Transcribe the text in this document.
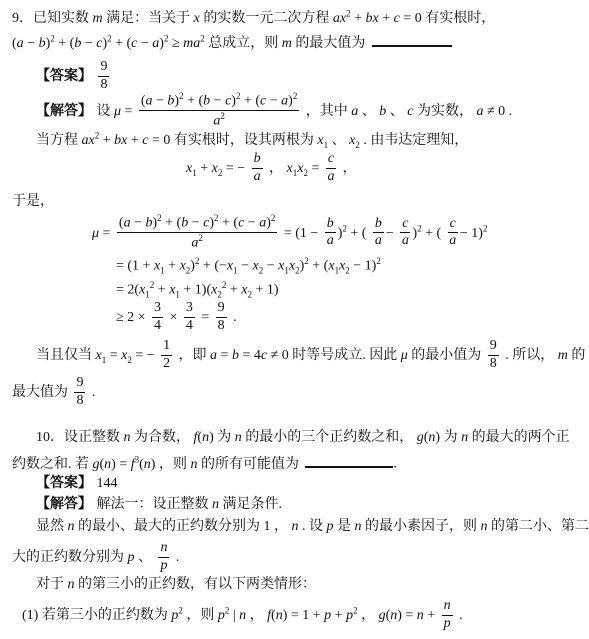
9．已知实数 m 满足：当关于 x 的实数一元二次方程 $ax^2$ + bx + c = 0 有实根时，
$(a - b)^2 + (b - c)^2 + (c - a)^2 \ge ma^2$ 总成立，则 m 的最大值为
【答案】 $\frac{9}{8}$
【解答】 设 $\mu = \frac{(a - b)^2 + (b - c)^2 + (c - a)^2}{a^2}$ ，其中 a 、 b 、 c 为实数， a ≠ 0 .
当方程 $ax^2$ + bx + c = 0 有实根时，设其两根为 $x_1$ 、 $x_2$ . 由韦达定理知，
$x_1 + x_2$ = − $\frac{b}{a}$ ， $x_1x_2 = \frac{c}{a}$ ，
于是，
$\mu = \frac{(a - b)^2 + (b - c)^2 + (c - a)^2}{a^2} = (1 - \frac{b}{a} )^2$ + ( $\frac{b}{a} - \frac{c}{a} )^2$ + ( $\frac{c}{a} - 1)^2$
= $(1 + x_1 + x_2)^2 + (-x_1 - x_2 - x_1x_2)^2 + (x_1x_2 - 1)^2$
= $2(x_1^2 + x_1 + 1)(x_2^2 + x_2 + 1)$
≥ $2 \times \frac{3}{4} \times \frac{3}{4} = \frac{9}{8}$ .
当且仅当 $x_1 = x_2$ = − $\frac{1}{2}$ ，即 a = b = 4c ≠ 0 时等号成立. 因此 μ 的最小值为 $\frac{9}{8}$ . 所以， m 的
最大值为 $\frac{9}{8}$ .
10．设正整数 n 为合数， f(n) 为 n 的最小的三个正约数之和， g(n) 为 n 的最大的两个正
约数之和. 若 $g(n) = f^3(n)$ ，则 n 的所有可能值为	.
【答案】 144
【解答】 解法一：设正整数 n 满足条件.
显然 n 的最小、最大的正约数分别为 1 ， n . 设 p 是 n 的最小素因子，则 n 的第二小、第二
大的正约数分别为 p 、 $\frac{n}{p}$ .
对于 n 的第三小的正约数，有以下两类情形：
(1) 若第三小的正约数为 $p^2$ ，则 $p^2$ | n ， $f(n) = 1 + p + p^2$ ， $g(n) = n + \frac{n}{p}$ .
